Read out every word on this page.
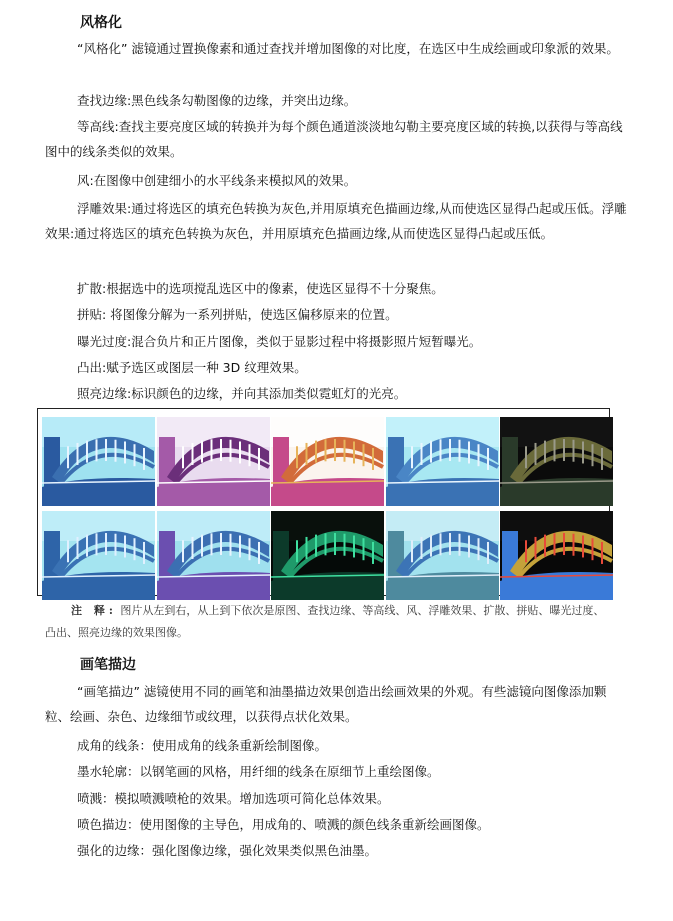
风格化

“风格化” 滤镜通过置换像素和通过查找并增加图像的对比度，在选区中生成绘画或印象派的效果。

查找边缘:黑色线条勾勒图像的边缘，并突出边缘。

等高线:查找主要亮度区域的转换并为每个颜色通道淡淡地勾勒主要亮度区域的转换,以获得与等高线图中的线条类似的效果。

风:在图像中创建细小的水平线条来模拟风的效果。

浮雕效果:通过将选区的填充色转换为灰色,并用原填充色描画边缘,从而使选区显得凸起或压低。浮雕效果:通过将选区的填充色转换为灰色，并用原填充色描画边缘,从而使选区显得凸起或压低。

扩散:根据选中的选项搅乱选区中的像素，使选区显得不十分聚焦。

拼贴: 将图像分解为一系列拼贴，使选区偏移原来的位置。

曝光过度:混合负片和正片图像，类似于显影过程中将摄影照片短暂曝光。

凸出:赋予选区或图层一种 3D 纹理效果。

照亮边缘:标识颜色的边缘，并向其添加类似霓虹灯的光亮。

注 释: 图片从左到右，从上到下依次是原图、查找边缘、等高线、风、浮雕效果、扩散、拼贴、曝光过度、凸出、照亮边缘的效果图像。
画笔描边

“画笔描边” 滤镜使用不同的画笔和油墨描边效果创造出绘画效果的外观。有些滤镜向图像添加颗粒、绘画、杂色、边缘细节或纹理，以获得点状化效果。

成角的线条：使用成角的线条重新绘制图像。

墨水轮廓：以钢笔画的风格，用纤细的线条在原细节上重绘图像。

喷溅：模拟喷溅喷枪的效果。增加选项可简化总体效果。

喷色描边：使用图像的主导色，用成角的、喷溅的颜色线条重新绘画图像。

强化的边缘：强化图像边缘，强化效果类似黑色油墨。
